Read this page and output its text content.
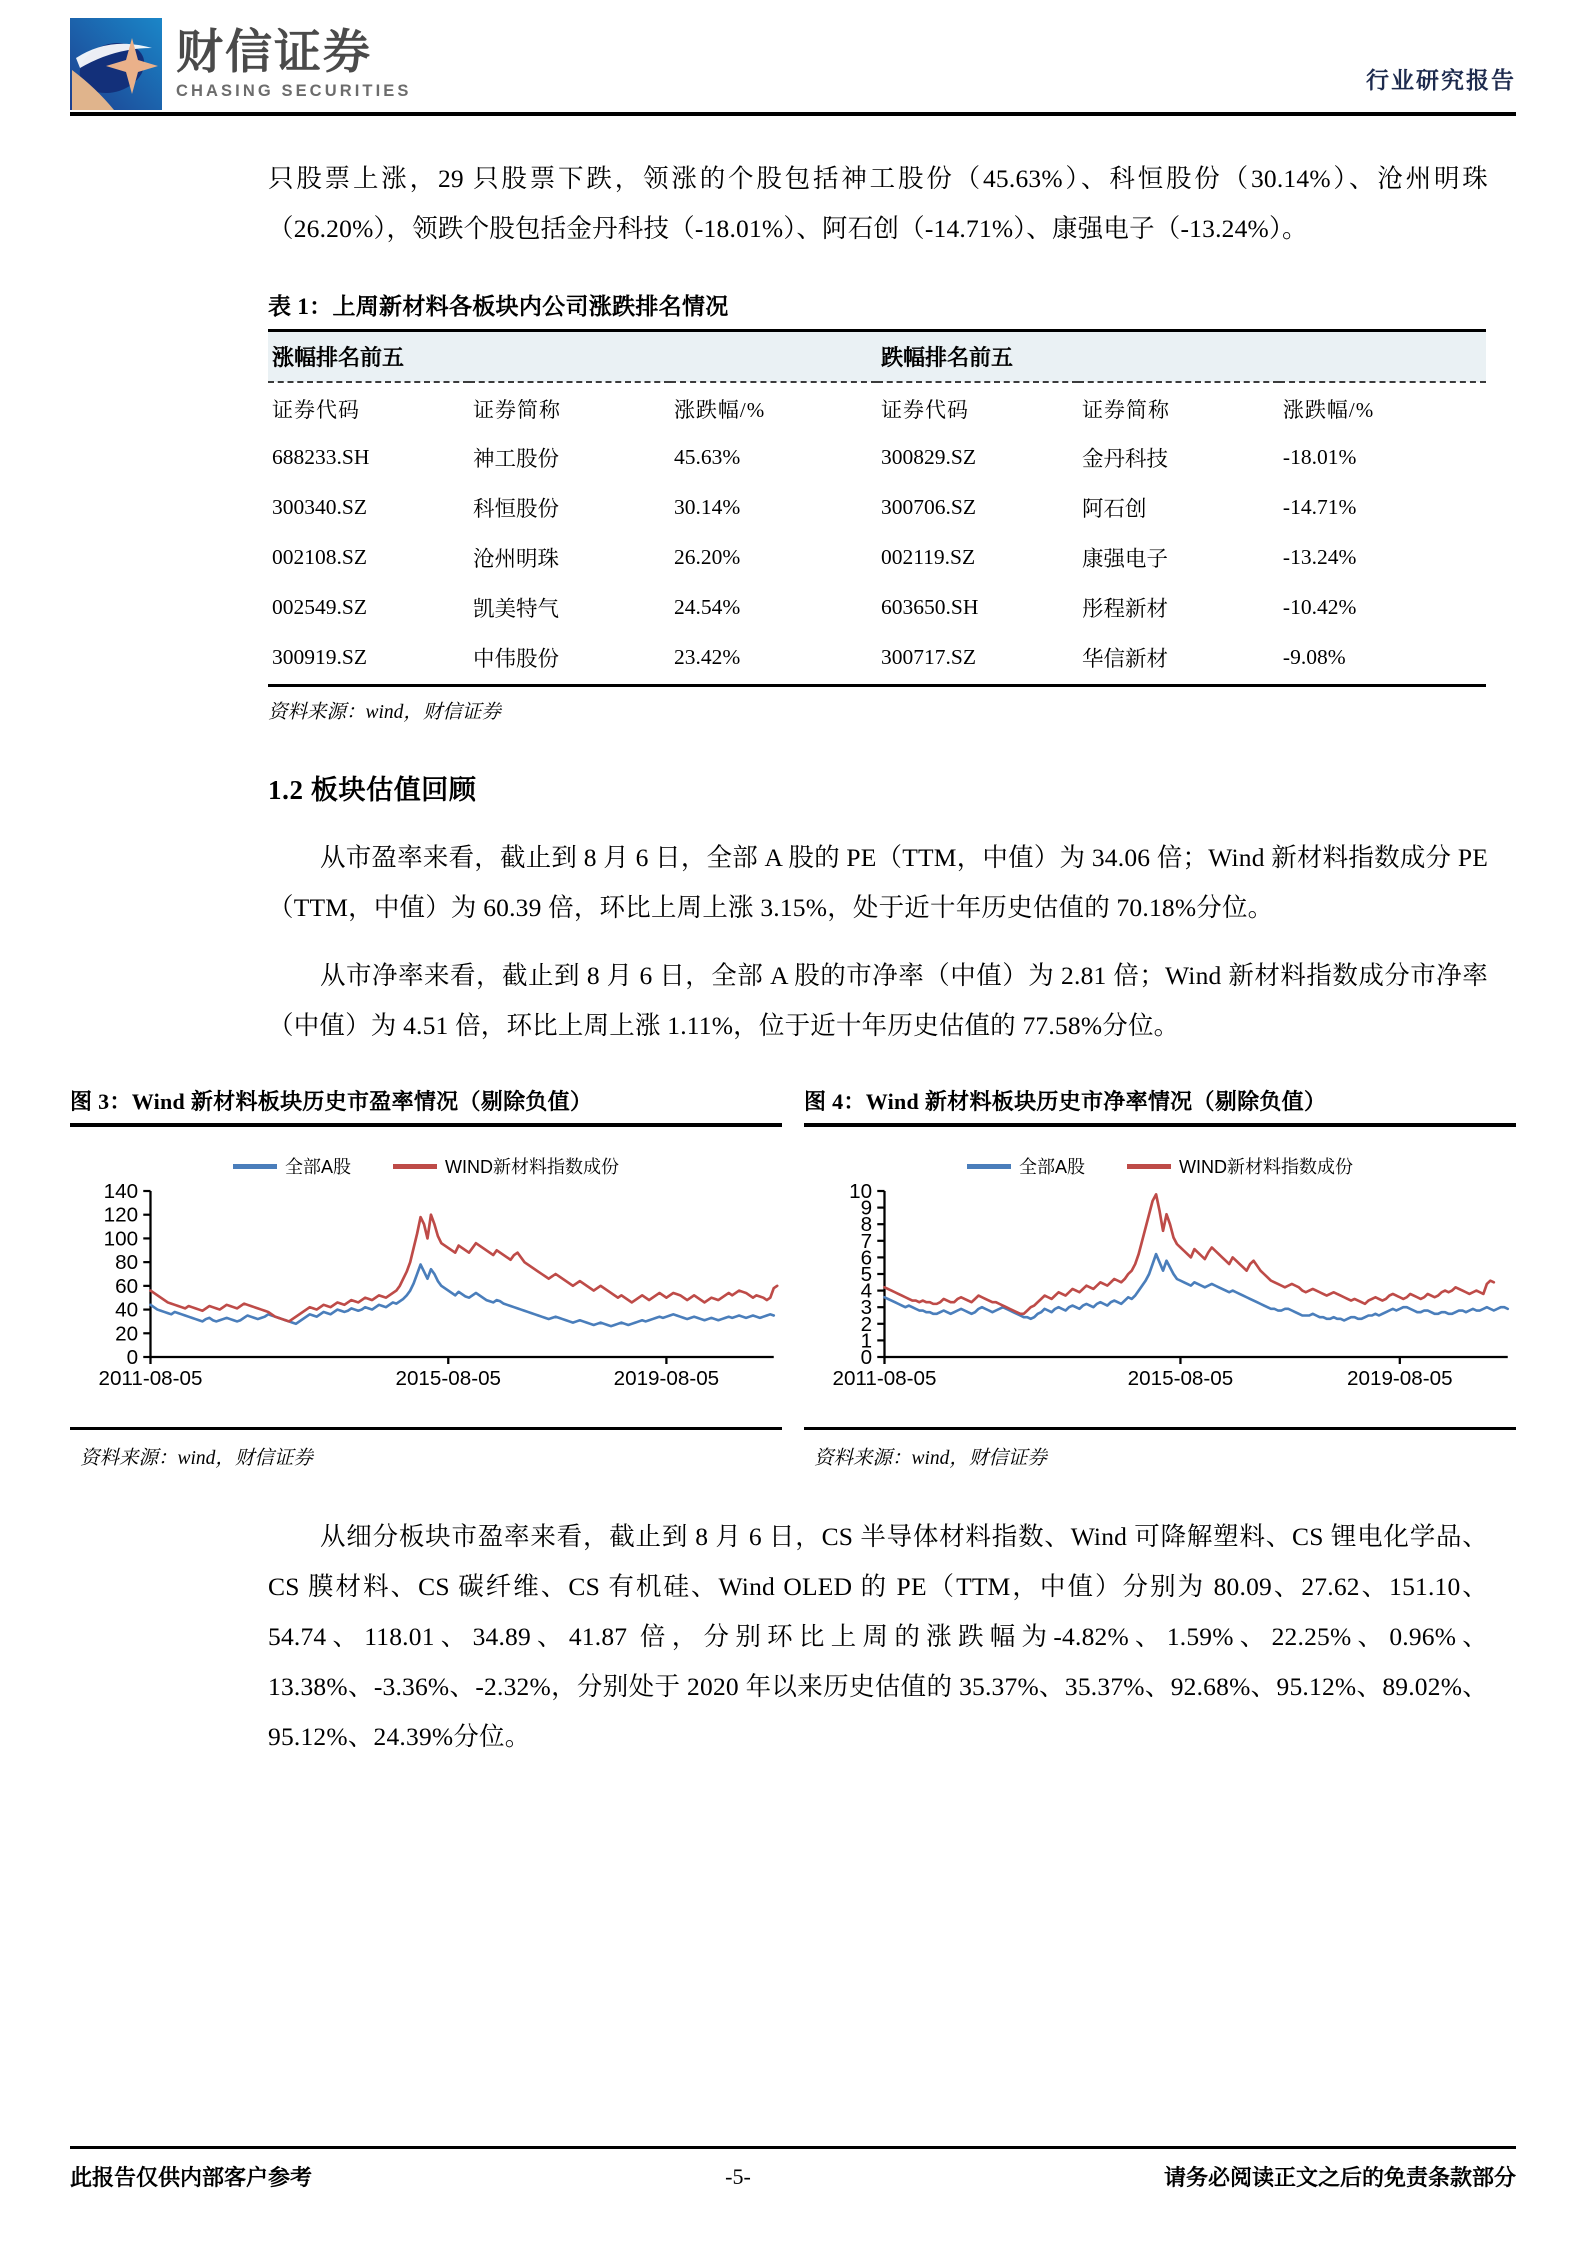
财信证券
CHASING SECURITIES	行业研究报告

只股票上涨，29 只股票下跌，领涨的个股包括神工股份（45.63%）、科恒股份（30.14%）、沧州明珠（26.20%），领跌个股包括金丹科技（-18.01%）、阿石创（-14.71%）、康强电子（-13.24%）。

表 1：上周新材料各板块内公司涨跌排名情况
涨幅排名前五			跌幅排名前五		
证券代码	证券简称	涨跌幅/%	证券代码	证券简称	涨跌幅/%
688233.SH	神工股份	45.63%	300829.SZ	金丹科技	-18.01%
300340.SZ	科恒股份	30.14%	300706.SZ	阿石创	-14.71%
002108.SZ	沧州明珠	26.20%	002119.SZ	康强电子	-13.24%
002549.SZ	凯美特气	24.54%	603650.SH	彤程新材	-10.42%
300919.SZ	中伟股份	23.42%	300717.SZ	华信新材	-9.08%
资料来源：wind，财信证券
1.2 板块估值回顾

从市盈率来看，截止到 8 月 6 日，全部 A 股的 PE（TTM，中值）为 34.06 倍；Wind 新材料指数成分 PE（TTM，中值）为 60.39 倍，环比上周上涨 3.15%，处于近十年历史估值的 70.18%分位。

从市净率来看，截止到 8 月 6 日，全部 A 股的市净率（中值）为 2.81 倍；Wind 新材料指数成分市净率（中值）为 4.51 倍，环比上周上涨 1.11%，位于近十年历史估值的 77.58%分位。

图 3：Wind 新材料板块历史市盈率情况（剔除负值）
全部A股	WIND新材料指数成份
0
20
40
60
80
100
120
140
2011-08-05	2015-08-05	2019-08-05
资料来源：wind，财信证券
图 4：Wind 新材料板块历史市净率情况（剔除负值）
全部A股	WIND新材料指数成份
0
1
2
3
4
5
6
7
8
9
10
2011-08-05	2015-08-05	2019-08-05
资料来源：wind，财信证券

从细分板块市盈率来看，截止到 8 月 6 日，CS 半导体材料指数、Wind 可降解塑料、CS 锂电化学品、CS 膜材料、CS 碳纤维、CS 有机硅、Wind OLED 的 PE（TTM，中值）分别为 80.09、27.62、151.10、54.74、118.01、34.89、41.87 倍，分别环比上周的涨跌幅为-4.82%、1.59%、22.25%、0.96%、13.38%、-3.36%、-2.32%，分别处于 2020 年以来历史估值的 35.37%、35.37%、92.68%、95.12%、89.02%、95.12%、24.39%分位。

此报告仅供内部客户参考	-5-	请务必阅读正文之后的免责条款部分
